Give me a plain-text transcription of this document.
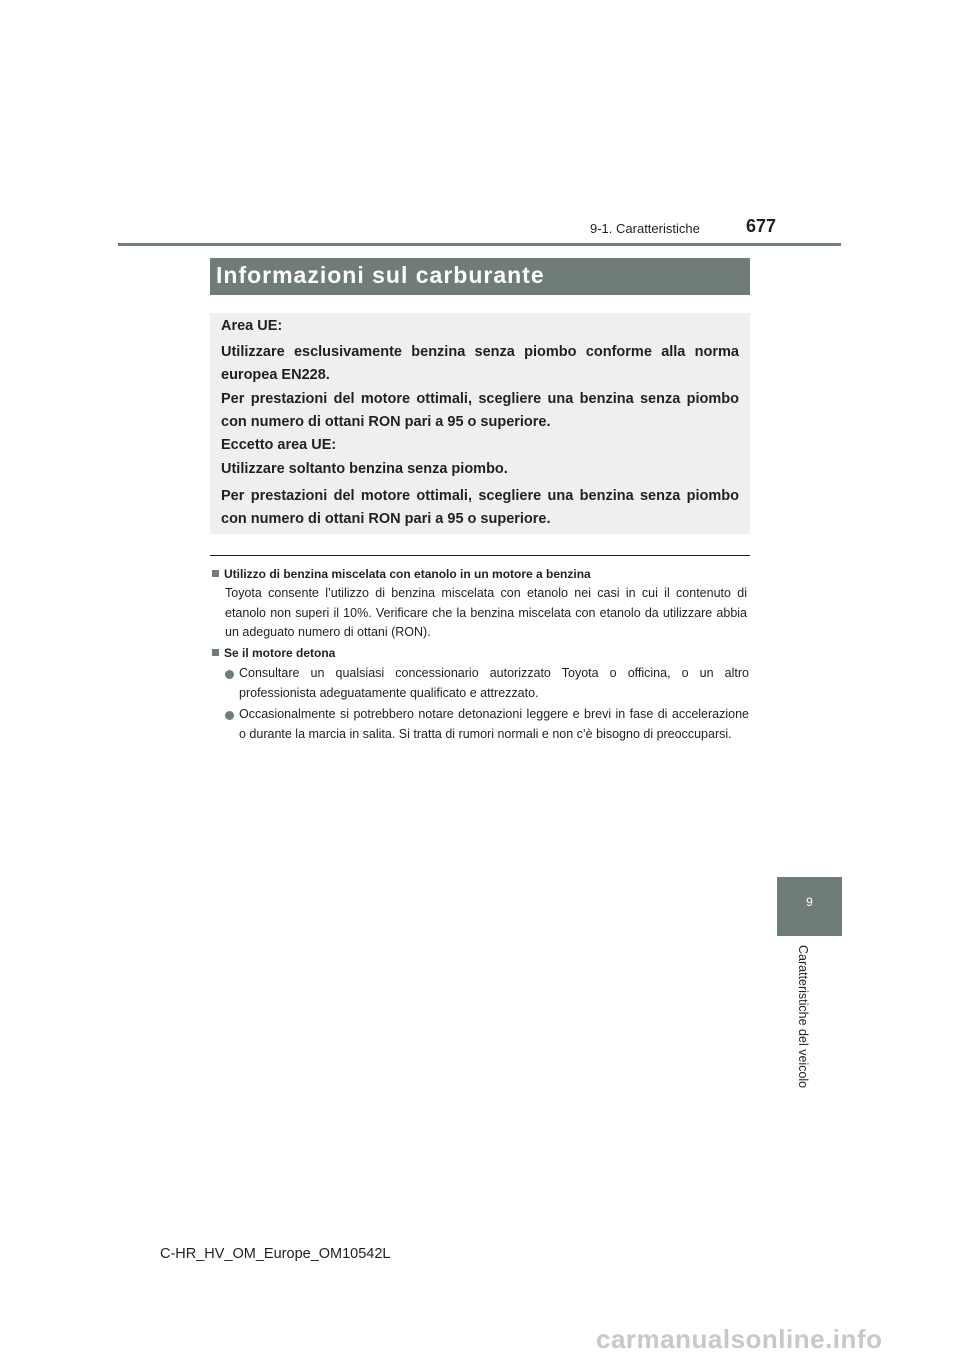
9-1. Caratteristiche	677
Informazioni sul carburante

Area UE:

Utilizzare esclusivamente benzina senza piombo conforme alla norma europea EN228.

Per prestazioni del motore ottimali, scegliere una benzina senza piombo con numero di ottani RON pari a 95 o superiore.

Eccetto area UE:

Utilizzare soltanto benzina senza piombo.

Per prestazioni del motore ottimali, scegliere una benzina senza piombo con numero di ottani RON pari a 95 o superiore.

Utilizzo di benzina miscelata con etanolo in un motore a benzina
Toyota consente l’utilizzo di benzina miscelata con etanolo nei casi in cui il contenuto di etanolo non superi il 10%. Verificare che la benzina miscelata con etanolo da utilizzare abbia un adeguato numero di ottani (RON).
Se il motore detona
Consultare un qualsiasi concessionario autorizzato Toyota o officina, o un altro professionista adeguatamente qualificato e attrezzato.
Occasionalmente si potrebbero notare detonazioni leggere e brevi in fase di accelerazione o durante la marcia in salita. Si tratta di rumori normali e non c’è bisogno di preoccuparsi.
9
Caratteristiche del veicolo
C-HR_HV_OM_Europe_OM10542L
carmanualsonline.info
